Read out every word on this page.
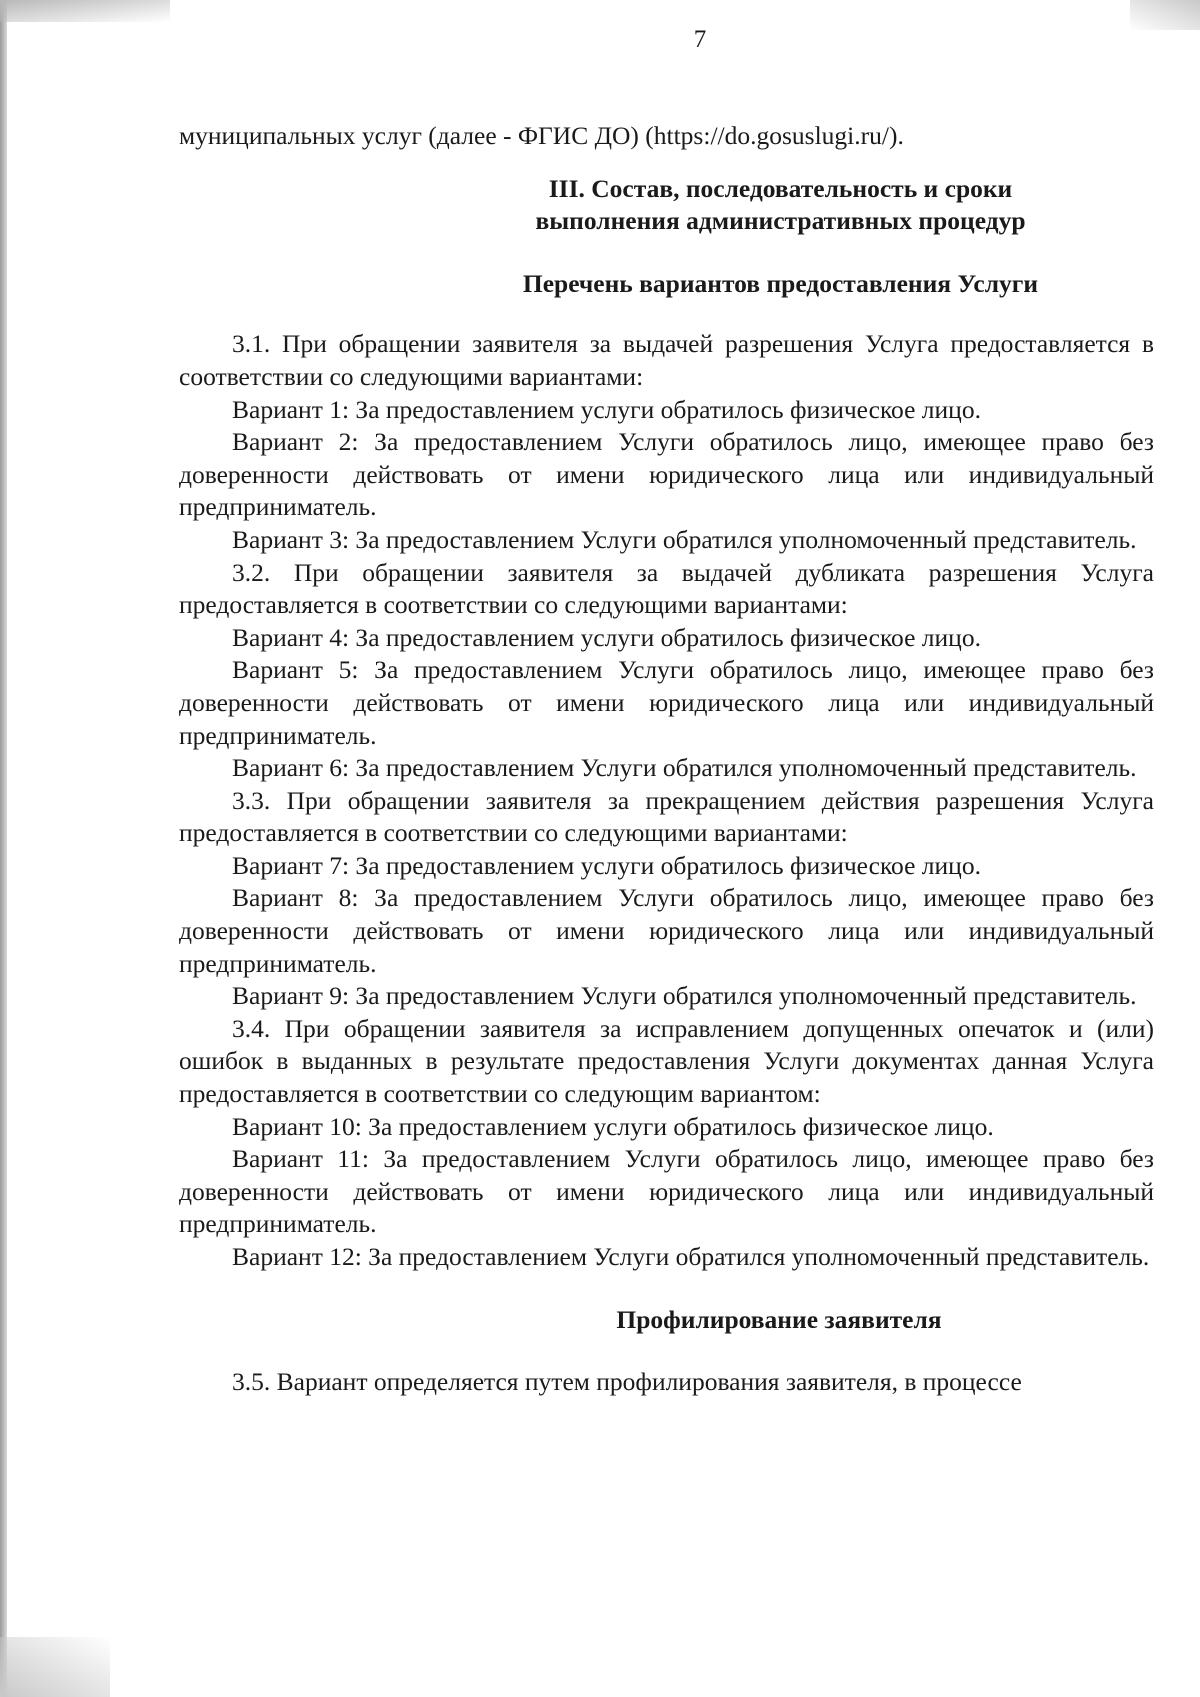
7

муниципальных услуг (далее - ФГИС ДО) (https://do.gosuslugi.ru/).

III. Состав, последовательность и сроки
выполнения административных процедур

Перечень вариантов предоставления Услуги

3.1. При обращении заявителя за выдачей разрешения Услуга предоставляется в соответствии со следующими вариантами:

Вариант 1: За предоставлением услуги обратилось физическое лицо.

Вариант 2: За предоставлением Услуги обратилось лицо, имеющее право без доверенности действовать от имени юридического лица или индивидуальный предприниматель.

Вариант 3: За предоставлением Услуги обратился уполномоченный представитель.

3.2. При обращении заявителя за выдачей дубликата разрешения Услуга предоставляется в соответствии со следующими вариантами:

Вариант 4: За предоставлением услуги обратилось физическое лицо.

Вариант 5: За предоставлением Услуги обратилось лицо, имеющее право без доверенности действовать от имени юридического лица или индивидуальный предприниматель.

Вариант 6: За предоставлением Услуги обратился уполномоченный представитель.

3.3. При обращении заявителя за прекращением действия разрешения Услуга предоставляется в соответствии со следующими вариантами:

Вариант 7: За предоставлением услуги обратилось физическое лицо.

Вариант 8: За предоставлением Услуги обратилось лицо, имеющее право без доверенности действовать от имени юридического лица или индивидуальный предприниматель.

Вариант 9: За предоставлением Услуги обратился уполномоченный представитель.

3.4. При обращении заявителя за исправлением допущенных опечаток и (или) ошибок в выданных в результате предоставления Услуги документах данная Услуга предоставляется в соответствии со следующим вариантом:

Вариант 10: За предоставлением услуги обратилось физическое лицо.

Вариант 11: За предоставлением Услуги обратилось лицо, имеющее право без доверенности действовать от имени юридического лица или индивидуальный предприниматель.

Вариант 12: За предоставлением Услуги обратился уполномоченный представитель.

Профилирование заявителя

3.5. Вариант определяется путем профилирования заявителя, в процессе
